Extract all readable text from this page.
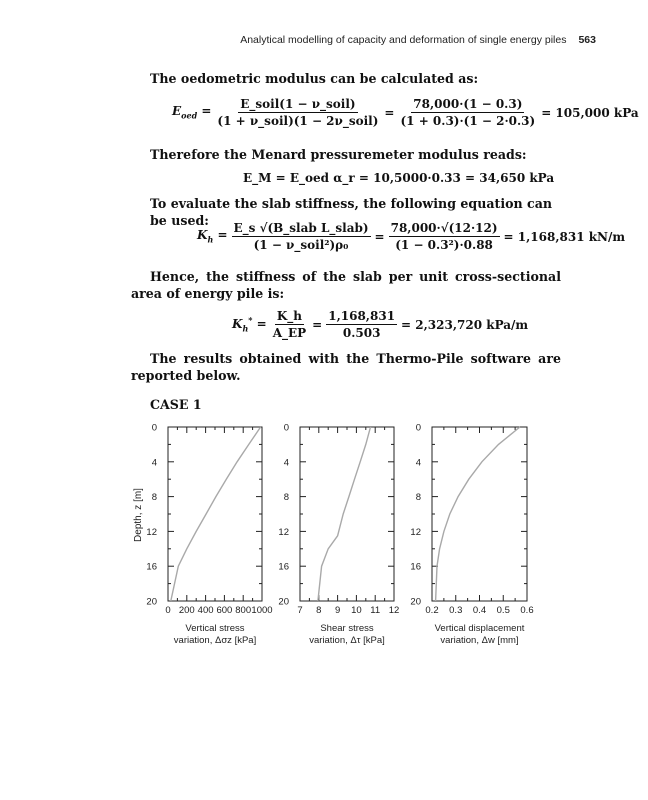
Analytical modelling of capacity and deformation of single energy piles 563
The oedometric modulus can be calculated as:
$E_{oed} = \frac{\text{E\_soil(1 − ν\_soil)}}{\text{(1 + ν\_soil)(1 − 2ν\_soil)}} = \frac{78,000\cdot(1 - 0.3)}{(1 + 0.3)\cdot(1 - 2\cdot 0.3)} = 105,000$ kPa
Therefore the Menard pressuremeter modulus reads:
E_M = E_oed α_r = 10,5000·0.33 = 34,650 kPa
To evaluate the slab stiffness, the following equation can be used:
$K_h = \frac{\text{E\_s √(B\_slab L\_slab)}}{\text{(1 − ν\_soil²)ρ₀}} = \frac{78,000\cdot√(12\cdot 12)}{\text{(1 − 0.3²)·0.88}} = 1,168,831$ kN/m
Hence, the stiffness of the slab per unit cross-sectional area of energy pile is:
$K_h^* = \frac{K\_h}{A\_EP} = \frac{1,168,831}{0.503} = 2,323,720$ kPa/m
The results obtained with the Thermo-Pile software are reported below.
CASE 1
Depth, z [m]
0 200 400 600 800 1000
0
4
8
12
16
20
Vertical stress
variation, Δσz [kPa]
7 8 9 10 11 12
0
4
8
12
16
20
Shear stress
variation, Δτ [kPa]
0.2 0.3 0.4 0.5 0.6
0
4
8
12
16
20
Vertical displacement
variation, Δw [mm]
